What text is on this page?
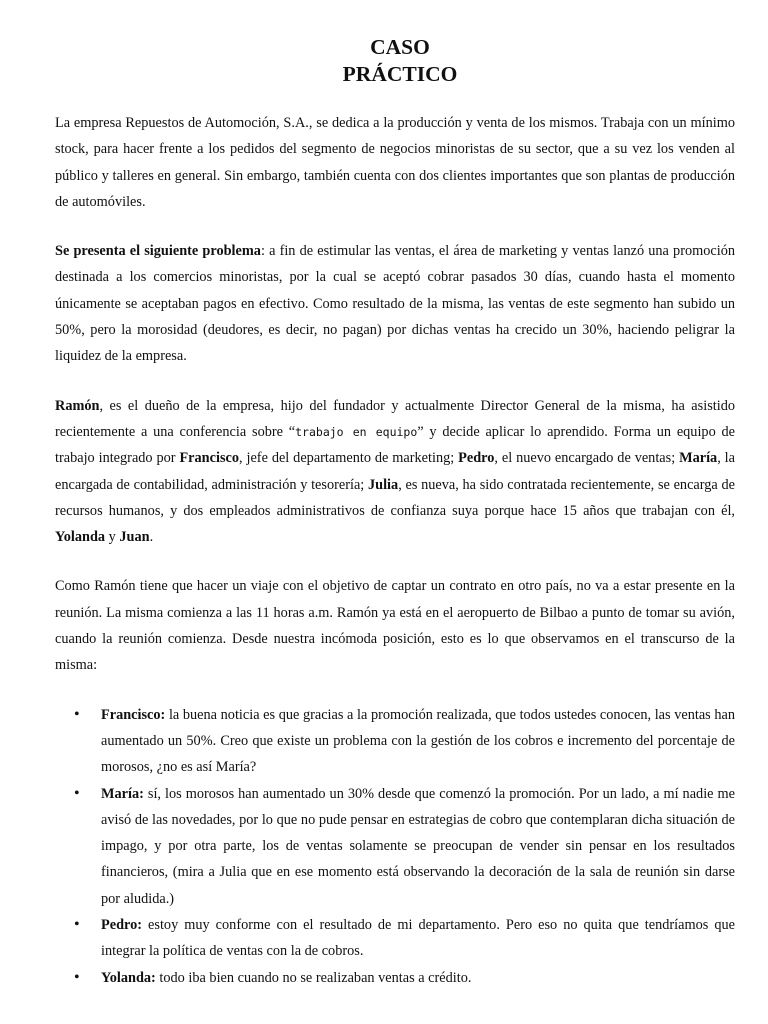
CASO
PRÁCTICO

La empresa Repuestos de Automoción, S.A., se dedica a la producción y venta de los mismos. Trabaja con un mínimo stock, para hacer frente a los pedidos del segmento de negocios minoristas de su sector, que a su vez los venden al público y talleres en general. Sin embargo, también cuenta con dos clientes importantes que son plantas de producción de automóviles.

Se presenta el siguiente problema: a fin de estimular las ventas, el área de marketing y ventas lanzó una promoción destinada a los comercios minoristas, por la cual se aceptó cobrar pasados 30 días, cuando hasta el momento únicamente se aceptaban pagos en efectivo. Como resultado de la misma, las ventas de este segmento han subido un 50%, pero la morosidad (deudores, es decir, no pagan) por dichas ventas ha crecido un 30%, haciendo peligrar la liquidez de la empresa.

Ramón, es el dueño de la empresa, hijo del fundador y actualmente Director General de la misma, ha asistido recientemente a una conferencia sobre “trabajo en equipo” y decide aplicar lo aprendido. Forma un equipo de trabajo integrado por Francisco, jefe del departamento de marketing; Pedro, el nuevo encargado de ventas; María, la encargada de contabilidad, administración y tesorería; Julia, es nueva, ha sido contratada recientemente, se encarga de recursos humanos, y dos empleados administrativos de confianza suya porque hace 15 años que trabajan con él, Yolanda y Juan.

Como Ramón tiene que hacer un viaje con el objetivo de captar un contrato en otro país, no va a estar presente en la reunión. La misma comienza a las 11 horas a.m. Ramón ya está en el aeropuerto de Bilbao a punto de tomar su avión, cuando la reunión comienza. Desde nuestra incómoda posición, esto es lo que observamos en el transcurso de la misma:

• Francisco: la buena noticia es que gracias a la promoción realizada, que todos ustedes conocen, las ventas han aumentado un 50%. Creo que existe un problema con la gestión de los cobros e incremento del porcentaje de morosos, ¿no es así María?
• María: sí, los morosos han aumentado un 30% desde que comenzó la promoción. Por un lado, a mí nadie me avisó de las novedades, por lo que no pude pensar en estrategias de cobro que contemplaran dicha situación de impago, y por otra parte, los de ventas solamente se preocupan de vender sin pensar en los resultados financieros, (mira a Julia que en ese momento está observando la decoración de la sala de reunión sin darse por aludida.)
• Pedro: estoy muy conforme con el resultado de mi departamento. Pero eso no quita que tendríamos que integrar la política de ventas con la de cobros.
• Yolanda: todo iba bien cuando no se realizaban ventas a crédito.
